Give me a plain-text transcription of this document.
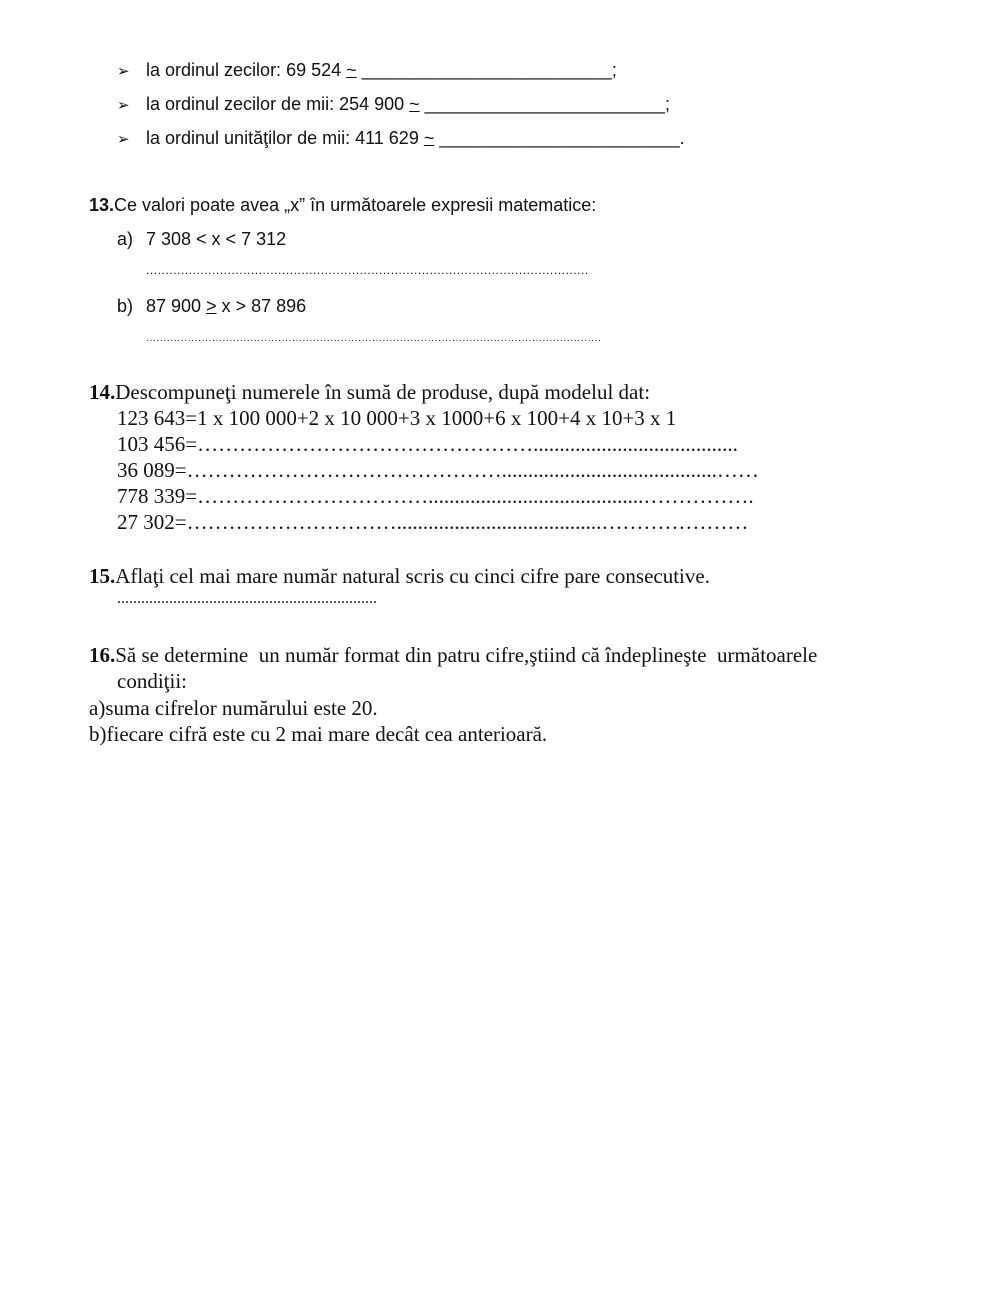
➢ la ordinul zecilor: 69 524 ~ _________________________;
➢ la ordinul zecilor de mii: 254 900 ~ ________________________;
➢ la ordinul unităţilor de mii: 411 629 ~ ________________________.
13.Ce valori poate avea „x” în următoarele expresii matematice:
a) 7 308 < x < 7 312
..................................................................................................................
b) 87 900 ≥ x > 87 896
...................................................................................................................................
14.Descompuneţi numerele în sumă de produse, după modelul dat:
123 643=1 x 100 000+2 x 10 000+3 x 1000+6 x 100+4 x 10+3 x 1
103 456=………………………………………….......................................
36 089=……………………………………….........................................……
778 339=…………………………….........................................…………….
27 302=………………………….......................................…………………
15.Aflaţi cel mai mare număr natural scris cu cinci cifre pare consecutive.
.................................................................
16.Să se determine  un număr format din patru cifre,ştiind că îndeplineşte  următoarele
condiţii:
a)suma cifrelor numărului este 20.
b)fiecare cifră este cu 2 mai mare decât cea anterioară.
